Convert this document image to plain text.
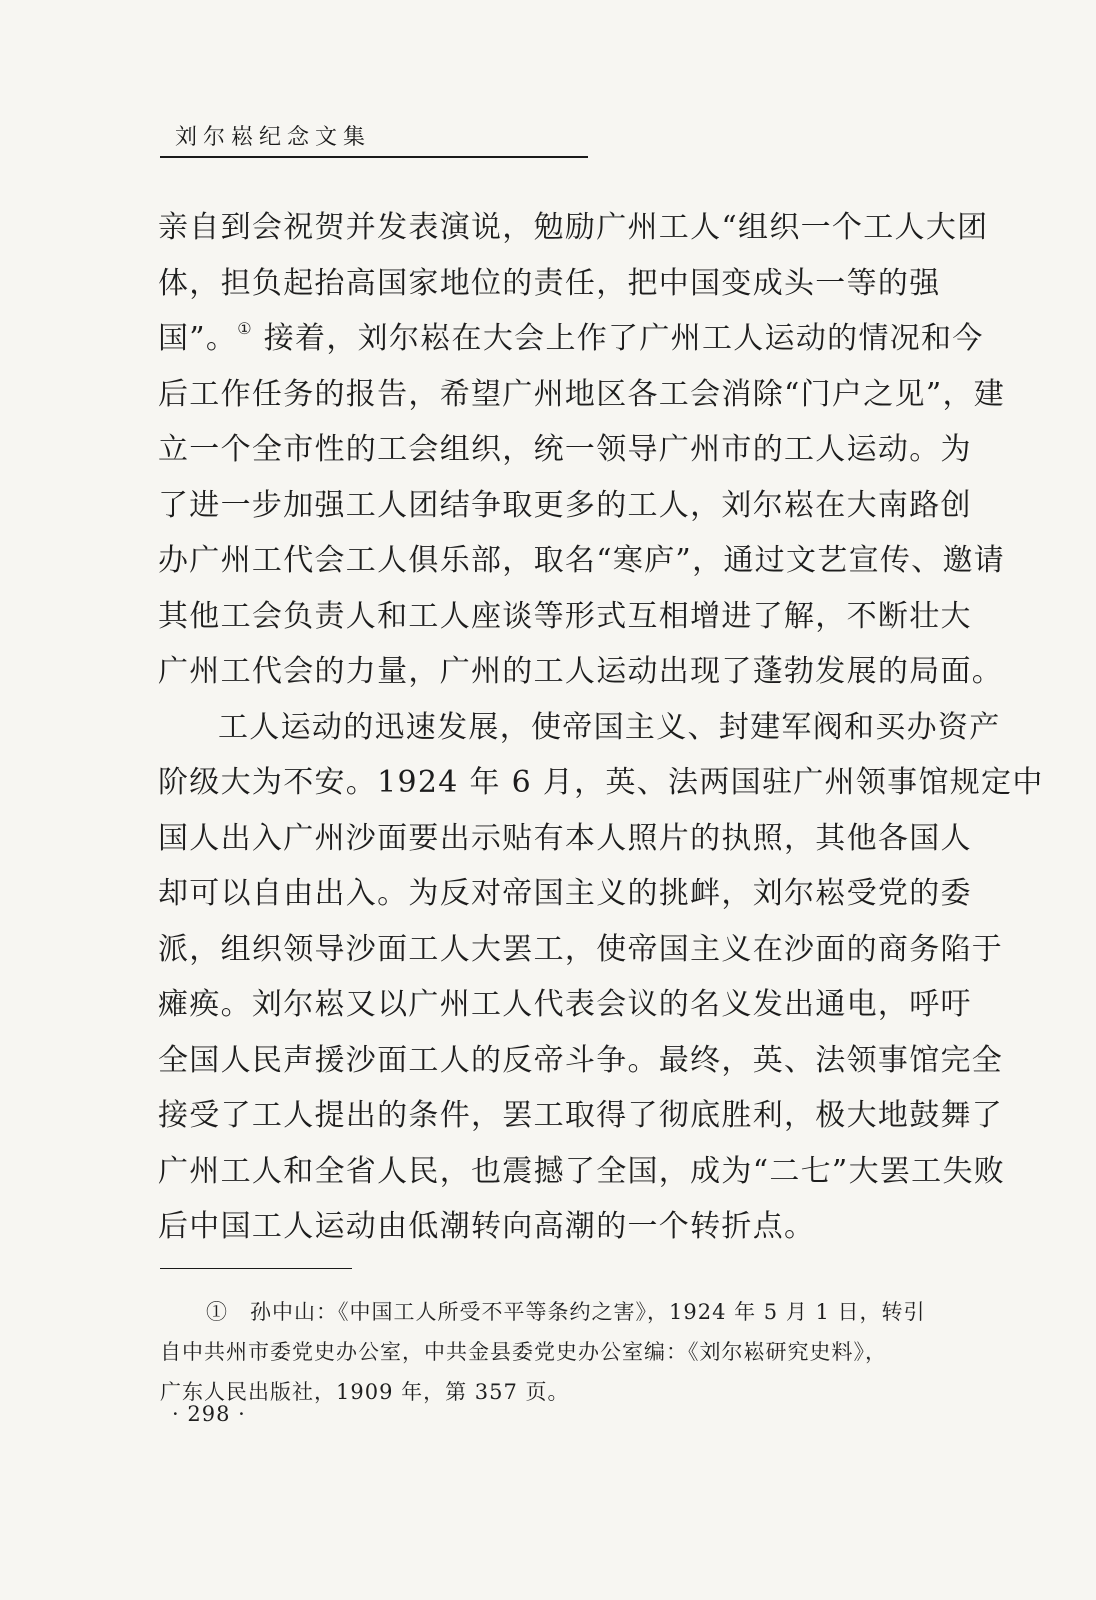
刘尔崧纪念文集
亲自到会祝贺并发表演说，勉励广州工人“组织一个工人大团
体，担负起抬高国家地位的责任，把中国变成头一等的强
国”。① 接着，刘尔崧在大会上作了广州工人运动的情况和今
后工作任务的报告，希望广州地区各工会消除“门户之见”，建
立一个全市性的工会组织，统一领导广州市的工人运动。为
了进一步加强工人团结争取更多的工人，刘尔崧在大南路创
办广州工代会工人俱乐部，取名“寒庐”，通过文艺宣传、邀请
其他工会负责人和工人座谈等形式互相增进了解，不断壮大
广州工代会的力量，广州的工人运动出现了蓬勃发展的局面。
工人运动的迅速发展，使帝国主义、封建军阀和买办资产
阶级大为不安。1924 年 6 月，英、法两国驻广州领事馆规定中
国人出入广州沙面要出示贴有本人照片的执照，其他各国人
却可以自由出入。为反对帝国主义的挑衅，刘尔崧受党的委
派，组织领导沙面工人大罢工，使帝国主义在沙面的商务陷于
瘫痪。刘尔崧又以广州工人代表会议的名义发出通电，呼吁
全国人民声援沙面工人的反帝斗争。最终，英、法领事馆完全
接受了工人提出的条件，罢工取得了彻底胜利，极大地鼓舞了
广州工人和全省人民，也震撼了全国，成为“二七”大罢工失败
后中国工人运动由低潮转向高潮的一个转折点。
①　孙中山：《中国工人所受不平等条约之害》，1924 年 5 月 1 日，转引
自中共州市委党史办公室，中共金县委党史办公室编：《刘尔崧研究史料》，
广东人民出版社，1909 年，第 357 页。
· 298 ·
